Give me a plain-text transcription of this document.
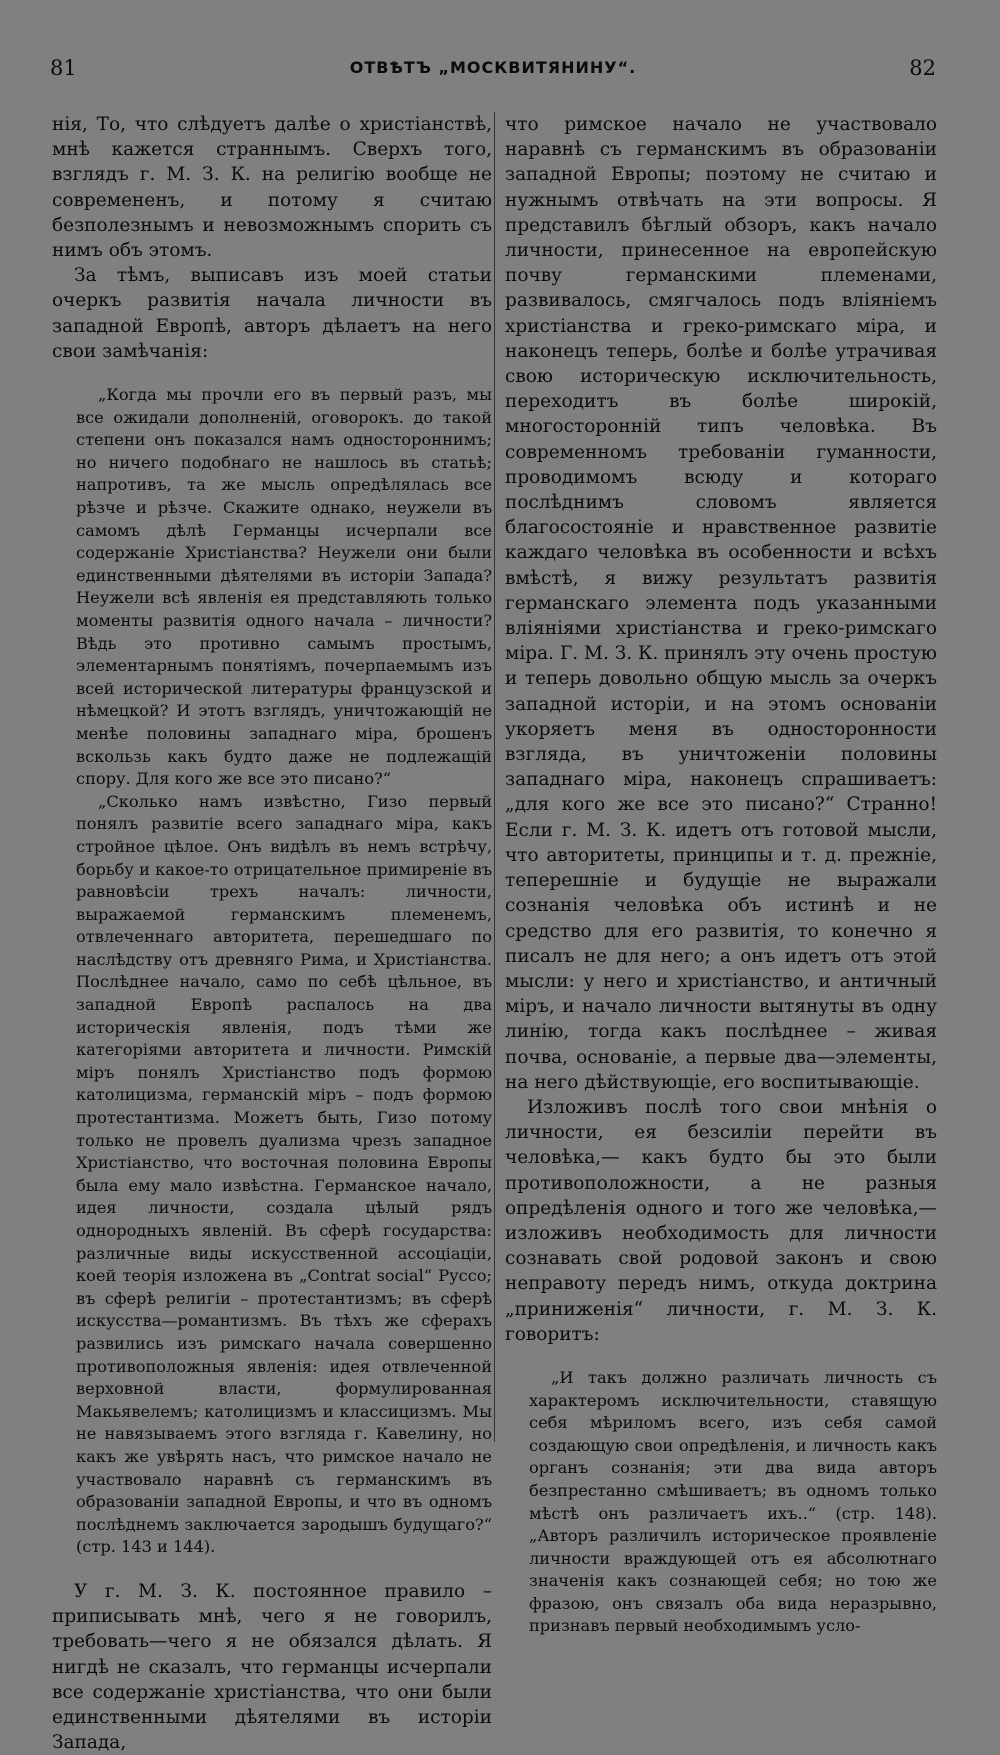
81	ОТВѢТЪ „МОСКВИТЯНИНУ“.	82

нія, То, что слѣдуетъ далѣе о христіанствѣ, мнѣ кажется страннымъ. Сверхъ того, взглядъ г. М. З. К. на религію вообще не современенъ, и потому я считаю безполезнымъ и невозможнымъ спорить съ нимъ объ этомъ.

За тѣмъ, выписавъ изъ моей статьи очеркъ развитія начала личности въ западной Европѣ, авторъ дѣлаетъ на него свои замѣчанія:

„Когда мы прочли его въ первый разъ, мы все ожидали дополненій, оговорокъ. до такой степени онъ показался намъ одностороннимъ; но ничего подобнаго не нашлось въ статьѣ; напротивъ, та же мысль опредѣлялась все рѣзче и рѣзче. Скажите однако, неужели въ самомъ дѣлѣ Германцы исчерпали все содержаніе Христіанства? Неужели они были единственными дѣятелями въ исторіи Запада? Неужели всѣ явленія ея представляють только моменты развитія одного начала – личности? Вѣдь это противно самымъ простымъ, элементарнымъ понятіямъ, почерпаемымъ изъ всей исторической литературы французской и нѣмецкой? И этотъ взглядъ, уничтожающій не менѣе половины западнаго міра, брошенъ вскользь какъ будто даже не подлежащій спору. Для кого же все это писано?“

„Сколько намъ извѣстно, Гизо первый понялъ развитіе всего западнаго міра, какъ стройное цѣлое. Онъ видѣлъ въ немъ встрѣчу, борьбу и какое-то отрицательное примиреніе въ равновѣсіи трехъ началъ: личности, выражаемой германскимъ племенемъ, отвлеченнаго авторитета, перешедшаго по наслѣдству отъ древняго Рима, и Христіанства. Послѣднее начало, само по себѣ цѣльное, въ западной Европѣ распалось на два историческія явленія, подъ тѣми же категоріями авторитета и личности. Римскій міръ понялъ Христіанство подъ формою католицизма, германскій міръ – подъ формою протестантизма. Можетъ быть, Гизо потому только не провелъ дуализма чрезъ западное Христіанство, что восточная половина Европы была ему мало извѣстна. Германское начало, идея личности, создала цѣлый рядъ однородныхъ явленій. Въ сферѣ государства: различные виды искусственной ассоціаціи, коей теорія изложена въ „Contrat social“ Руссо; въ сферѣ религіи – протестантизмъ; въ сферѣ искусства—романтизмъ. Въ тѣхъ же сферахъ развились изъ римскаго начала совершенно противоположныя явленія: идея отвлеченной верховной власти, формулированная Макьявелемъ; католицизмъ и классицизмъ. Мы не навязываемъ этого взгляда г. Кавелину, но какъ же увѣрять насъ, что римское начало не участвовало наравнѣ съ германскимъ въ образованіи западной Европы, и что въ одномъ послѣднемъ заключается зародышъ будущаго?“ (стр. 143 и 144).

У г. М. З. К. постоянное правило – приписывать мнѣ, чего я не говорилъ, требовать—чего я не обязался дѣлать. Я нигдѣ не сказалъ, что германцы исчерпали все содержаніе христіанства, что они были единственными дѣятелями въ исторіи Запада,

что римское начало не участвовало наравнѣ съ германскимъ въ образованіи западной Европы; поэтому не считаю и нужнымъ отвѣчать на эти вопросы. Я представилъ бѣглый обзоръ, какъ начало личности, принесенное на европейскую почву германскими племенами, развивалось, смягчалось подъ вліяніемъ христіанства и греко-римскаго міра, и наконецъ теперь, болѣе и болѣе утрачивая свою историческую исключительность, переходитъ въ болѣе широкій, многосторонній типъ человѣка. Въ современномъ требованіи гуманности, проводимомъ всюду и котораго послѣднимъ словомъ является благосостояніе и нравственное развитіе каждаго человѣка въ особенности и всѣхъ вмѣстѣ, я вижу результатъ развитія германскаго элемента подъ указанными вліяніями христіанства и греко-римскаго міра. Г. М. З. К. принялъ эту очень простую и теперь довольно общую мысль за очеркъ западной исторіи, и на этомъ основаніи укоряетъ меня въ односторонности взгляда, въ уничтоженіи половины западнаго міра, наконецъ спрашиваетъ: „для кого же все это писано?“ Странно! Если г. М. З. К. идетъ отъ готовой мысли, что авторитеты, принципы и т. д. прежніе, теперешніе и будущіе не выражали сознанія человѣка объ истинѣ и не средство для его развитія, то конечно я писалъ не для него; а онъ идетъ отъ этой мысли: у него и христіанство, и античный міръ, и начало личности вытянуты въ одну линію, тогда какъ послѣднее – живая почва, основаніе, а первые два—элементы, на него дѣйствующіе, его воспитывающіе.

Изложивъ послѣ того свои мнѣнія о личности, ея безсиліи перейти въ человѣка,— какъ будто бы это были противоположности, а не разныя опредѣленія одного и того же человѣка,—изложивъ необходимость для личности сознавать свой родовой законъ и свою неправоту передъ нимъ, откуда доктрина „приниженія“ личности, г. М. З. К. говоритъ:

„И такъ должно различать личность съ характеромъ исключительности, ставящую себя мѣриломъ всего, изъ себя самой создающую свои опредѣленія, и личность какъ органъ сознанія; эти два вида авторъ безпрестанно смѣшиваетъ; въ одномъ только мѣстѣ онъ различаетъ ихъ..“ (стр. 148). „Авторъ различилъ историческое проявленіе личности враждующей отъ ея абсолютнаго значенія какъ сознающей себя; но тою же фразою, онъ связалъ оба вида неразрывно, признавъ первый необходимымъ усло-
